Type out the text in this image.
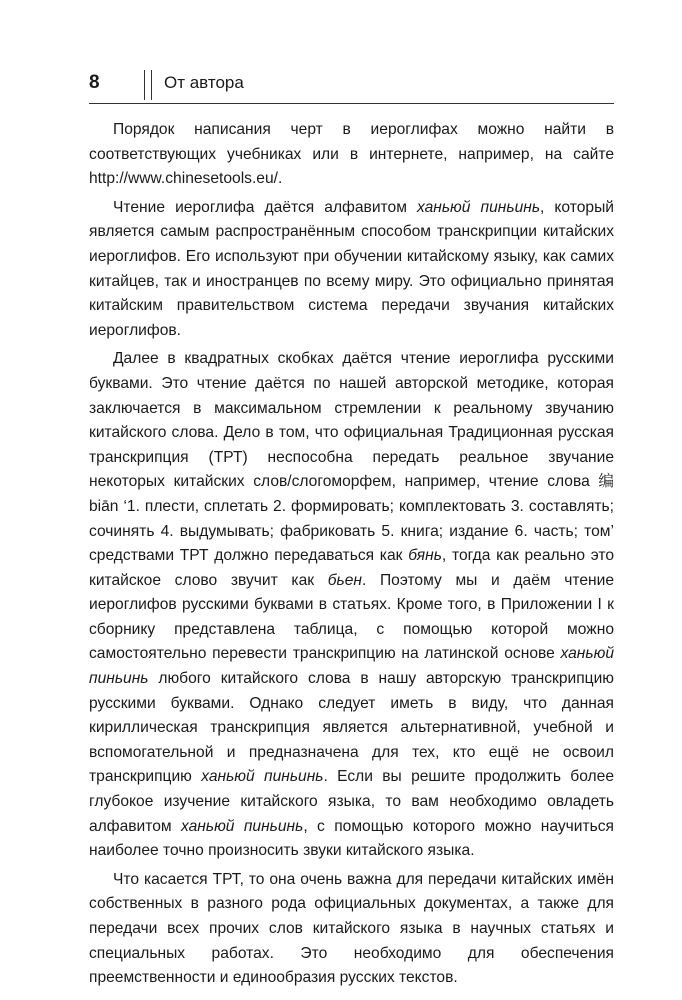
8	От автора

Порядок написания черт в иероглифах можно найти в соответствующих учебниках или в интернете, например, на сайте http://www.chinesetools.eu/.

Чтение иероглифа даётся алфавитом ханьюй пиньинь, который является самым распространённым способом транскрипции китайских иероглифов. Его используют при обучении китайскому языку, как самих китайцев, так и иностранцев по всему миру. Это официально принятая китайским правительством система передачи звучания китайских иероглифов.

Далее в квадратных скобках даётся чтение иероглифа русскими буквами. Это чтение даётся по нашей авторской методике, которая заключается в максимальном стремлении к реальному звучанию китайского слова. Дело в том, что официальная Традиционная русская транскрипция (ТРТ) неспособна передать реальное звучание некоторых китайских слов/слогоморфем, например, чтение слова 编 biān ‘1. плести, сплетать 2. формировать; комплектовать 3. составлять; сочинять 4. выдумывать; фабриковать 5. книга; издание 6. часть; том’ средствами ТРТ должно передаваться как бянь, тогда как реально это китайское слово звучит как бьен. Поэтому мы и даём чтение иероглифов русскими буквами в статьях. Кроме того, в Приложении I к сборнику представлена таблица, с помощью которой можно самостоятельно перевести транскрипцию на латинской основе ханьюй пиньинь любого китайского слова в нашу авторскую транскрипцию русскими буквами. Однако следует иметь в виду, что данная кириллическая транскрипция является альтернативной, учебной и вспомогательной и предназначена для тех, кто ещё не освоил транскрипцию ханьюй пиньинь. Если вы решите продолжить более глубокое изучение китайского языка, то вам необходимо овладеть алфавитом ханьюй пиньинь, с помощью которого можно научиться наиболее точно произносить звуки китайского языка.

Что касается ТРТ, то она очень важна для передачи китайских имён собственных в разного рода официальных документах, а также для передачи всех прочих слов китайского языка в научных статьях и специальных работах. Это необходимо для обеспечения преемственности и единообразия русских текстов.
